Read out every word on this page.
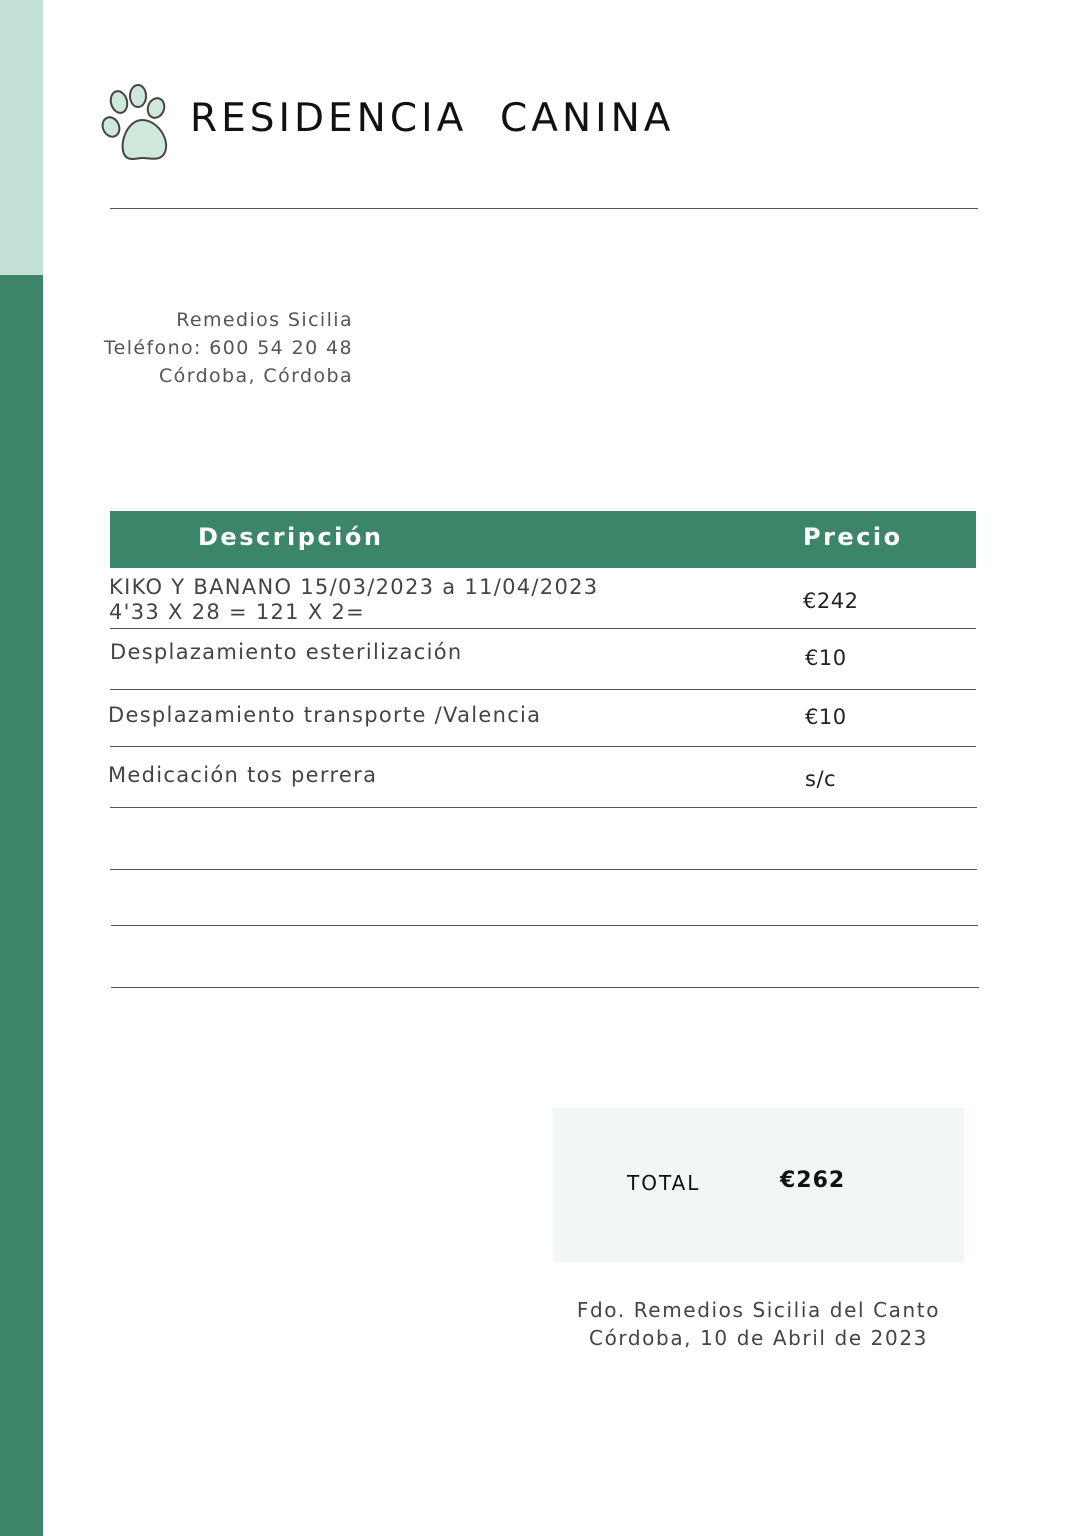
RESIDENCIA  CANINA
Remedios Sicilia
Teléfono: 600 54 20 48
Córdoba, Córdoba
Descripción	Precio
KIKO Y BANANO 15/03/2023 a 11/04/2023
4'33 X 28 = 121 X 2=	€242
Desplazamiento esterilización	€10
Desplazamiento transporte /Valencia	€10
Medicación tos perrera	s/c
TOTAL	€262
Fdo. Remedios Sicilia del Canto
Córdoba, 10 de Abril de 2023
